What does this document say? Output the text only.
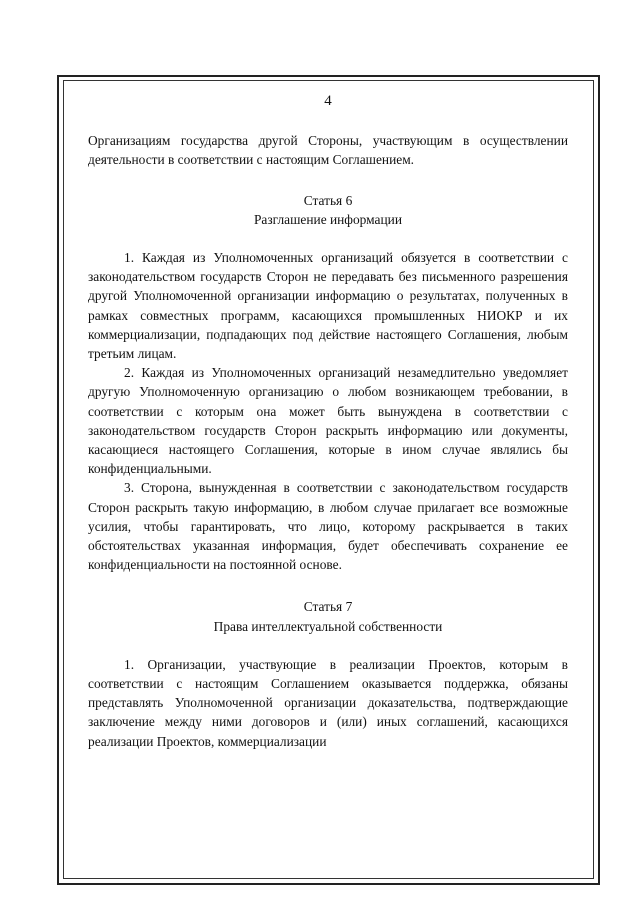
4

Организациям государства другой Стороны, участвующим в осуществлении деятельности в соответствии с настоящим Соглашением.

Статья 6
Разглашение информации

1. Каждая из Уполномоченных организаций обязуется в соответствии с законодательством государств Сторон не передавать без письменного разрешения другой Уполномоченной организации информацию о результатах, полученных в рамках совместных программ, касающихся промышленных НИОКР и их коммерциализации, подпадающих под действие настоящего Соглашения, любым третьим лицам.

2. Каждая из Уполномоченных организаций незамедлительно уведомляет другую Уполномоченную организацию о любом возникающем требовании, в соответствии с которым она может быть вынуждена в соответствии с законодательством государств Сторон раскрыть информацию или документы, касающиеся настоящего Соглашения, которые в ином случае являлись бы конфиденциальными.

3. Сторона, вынужденная в соответствии с законодательством государств Сторон раскрыть такую информацию, в любом случае прилагает все возможные усилия, чтобы гарантировать, что лицо, которому раскрывается в таких обстоятельствах указанная информация, будет обеспечивать сохранение ее конфиденциальности на постоянной основе.

Статья 7
Права интеллектуальной собственности

1. Организации, участвующие в реализации Проектов, которым в соответствии с настоящим Соглашением оказывается поддержка, обязаны представлять Уполномоченной организации доказательства, подтверждающие заключение между ними договоров и (или) иных соглашений, касающихся реализации Проектов, коммерциализации
